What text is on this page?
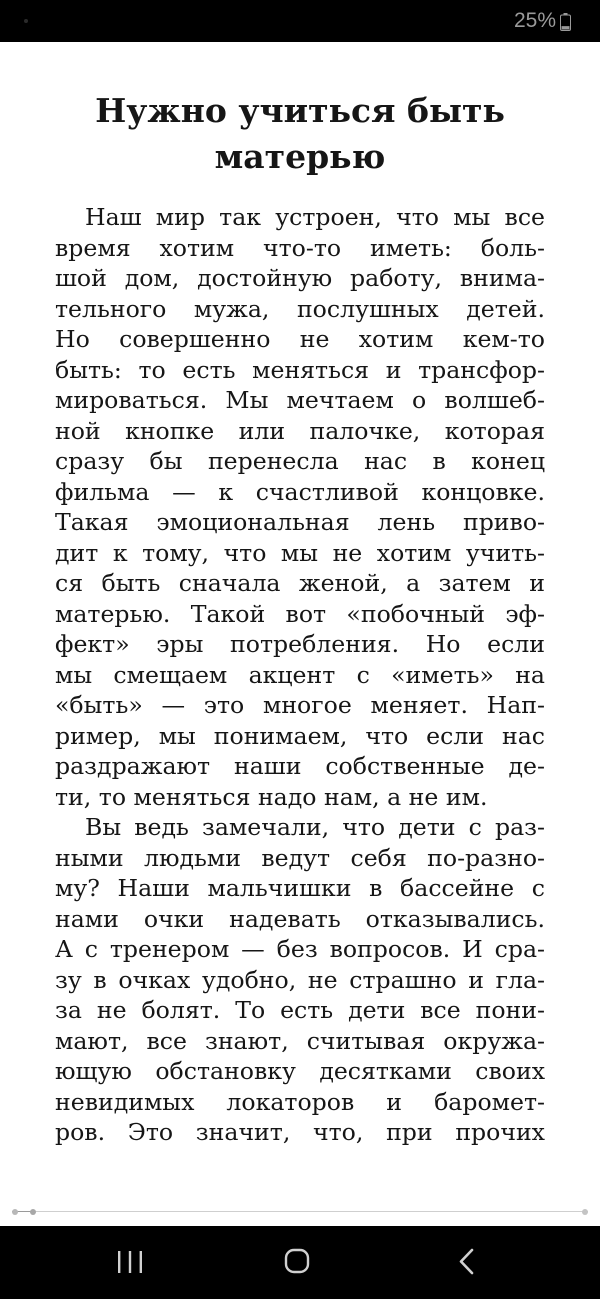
25%
Нужно учиться быть
матерью

Наш мир так устроен, что мы все
время хотим что-то иметь: боль-
шой дом, достойную работу, внима-
тельного мужа, послушных детей.
Но совершенно не хотим кем-то
быть: то есть меняться и трансфор-
мироваться. Мы мечтаем о волшеб-
ной кнопке или палочке, которая
сразу бы перенесла нас в конец
фильма — к счастливой концовке.
Такая эмоциональная лень приво-
дит к тому, что мы не хотим учить-
ся быть сначала женой, а затем и
матерью. Такой вот «побочный эф-
фект» эры потребления. Но если
мы смещаем акцент с «иметь» на
«быть» — это многое меняет. Нап-
ример, мы понимаем, что если нас
раздражают наши собственные де-
ти, то меняться надо нам, а не им.

Вы ведь замечали, что дети с раз-
ными людьми ведут себя по-разно-
му? Наши мальчишки в бассейне с
нами очки надевать отказывались.
А с тренером — без вопросов. И сра-
зу в очках удобно, не страшно и гла-
за не болят. То есть дети все пони-
мают, все знают, считывая окружа-
ющую обстановку десятками своих
невидимых локаторов и баромет-
ров. Это значит, что, при прочих
